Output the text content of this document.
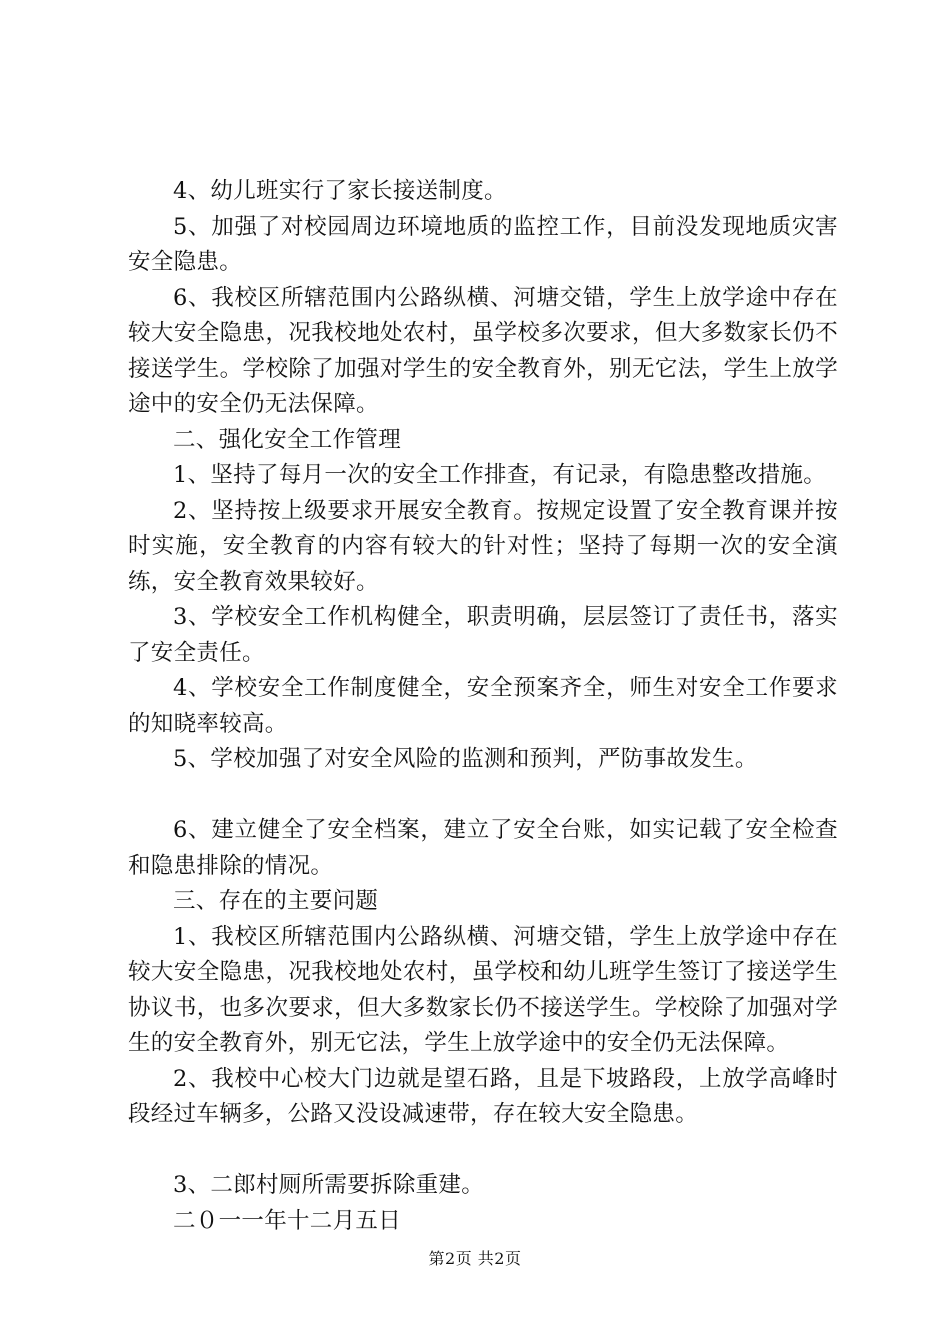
4、幼儿班实行了家长接送制度。

5、加强了对校园周边环境地质的监控工作，目前没发现地质灾害安全隐患。

6、我校区所辖范围内公路纵横、河塘交错，学生上放学途中存在较大安全隐患，况我校地处农村，虽学校多次要求，但大多数家长仍不接送学生。学校除了加强对学生的安全教育外，别无它法，学生上放学途中的安全仍无法保障。

二、强化安全工作管理

1、坚持了每月一次的安全工作排查，有记录，有隐患整改措施。

2、坚持按上级要求开展安全教育。按规定设置了安全教育课并按时实施，安全教育的内容有较大的针对性；坚持了每期一次的安全演练，安全教育效果较好。

3、学校安全工作机构健全，职责明确，层层签订了责任书，落实了安全责任。

4、学校安全工作制度健全，安全预案齐全，师生对安全工作要求的知晓率较高。

5、学校加强了对安全风险的监测和预判，严防事故发生。

6、建立健全了安全档案，建立了安全台账，如实记载了安全检查和隐患排除的情况。

三、存在的主要问题

1、我校区所辖范围内公路纵横、河塘交错，学生上放学途中存在较大安全隐患，况我校地处农村，虽学校和幼儿班学生签订了接送学生协议书，也多次要求，但大多数家长仍不接送学生。学校除了加强对学生的安全教育外，别无它法，学生上放学途中的安全仍无法保障。

2、我校中心校大门边就是望石路，且是下坡路段，上放学高峰时段经过车辆多，公路又没设减速带，存在较大安全隐患。

3、二郎村厕所需要拆除重建。

二０一一年十二月五日

第2页 共2页
